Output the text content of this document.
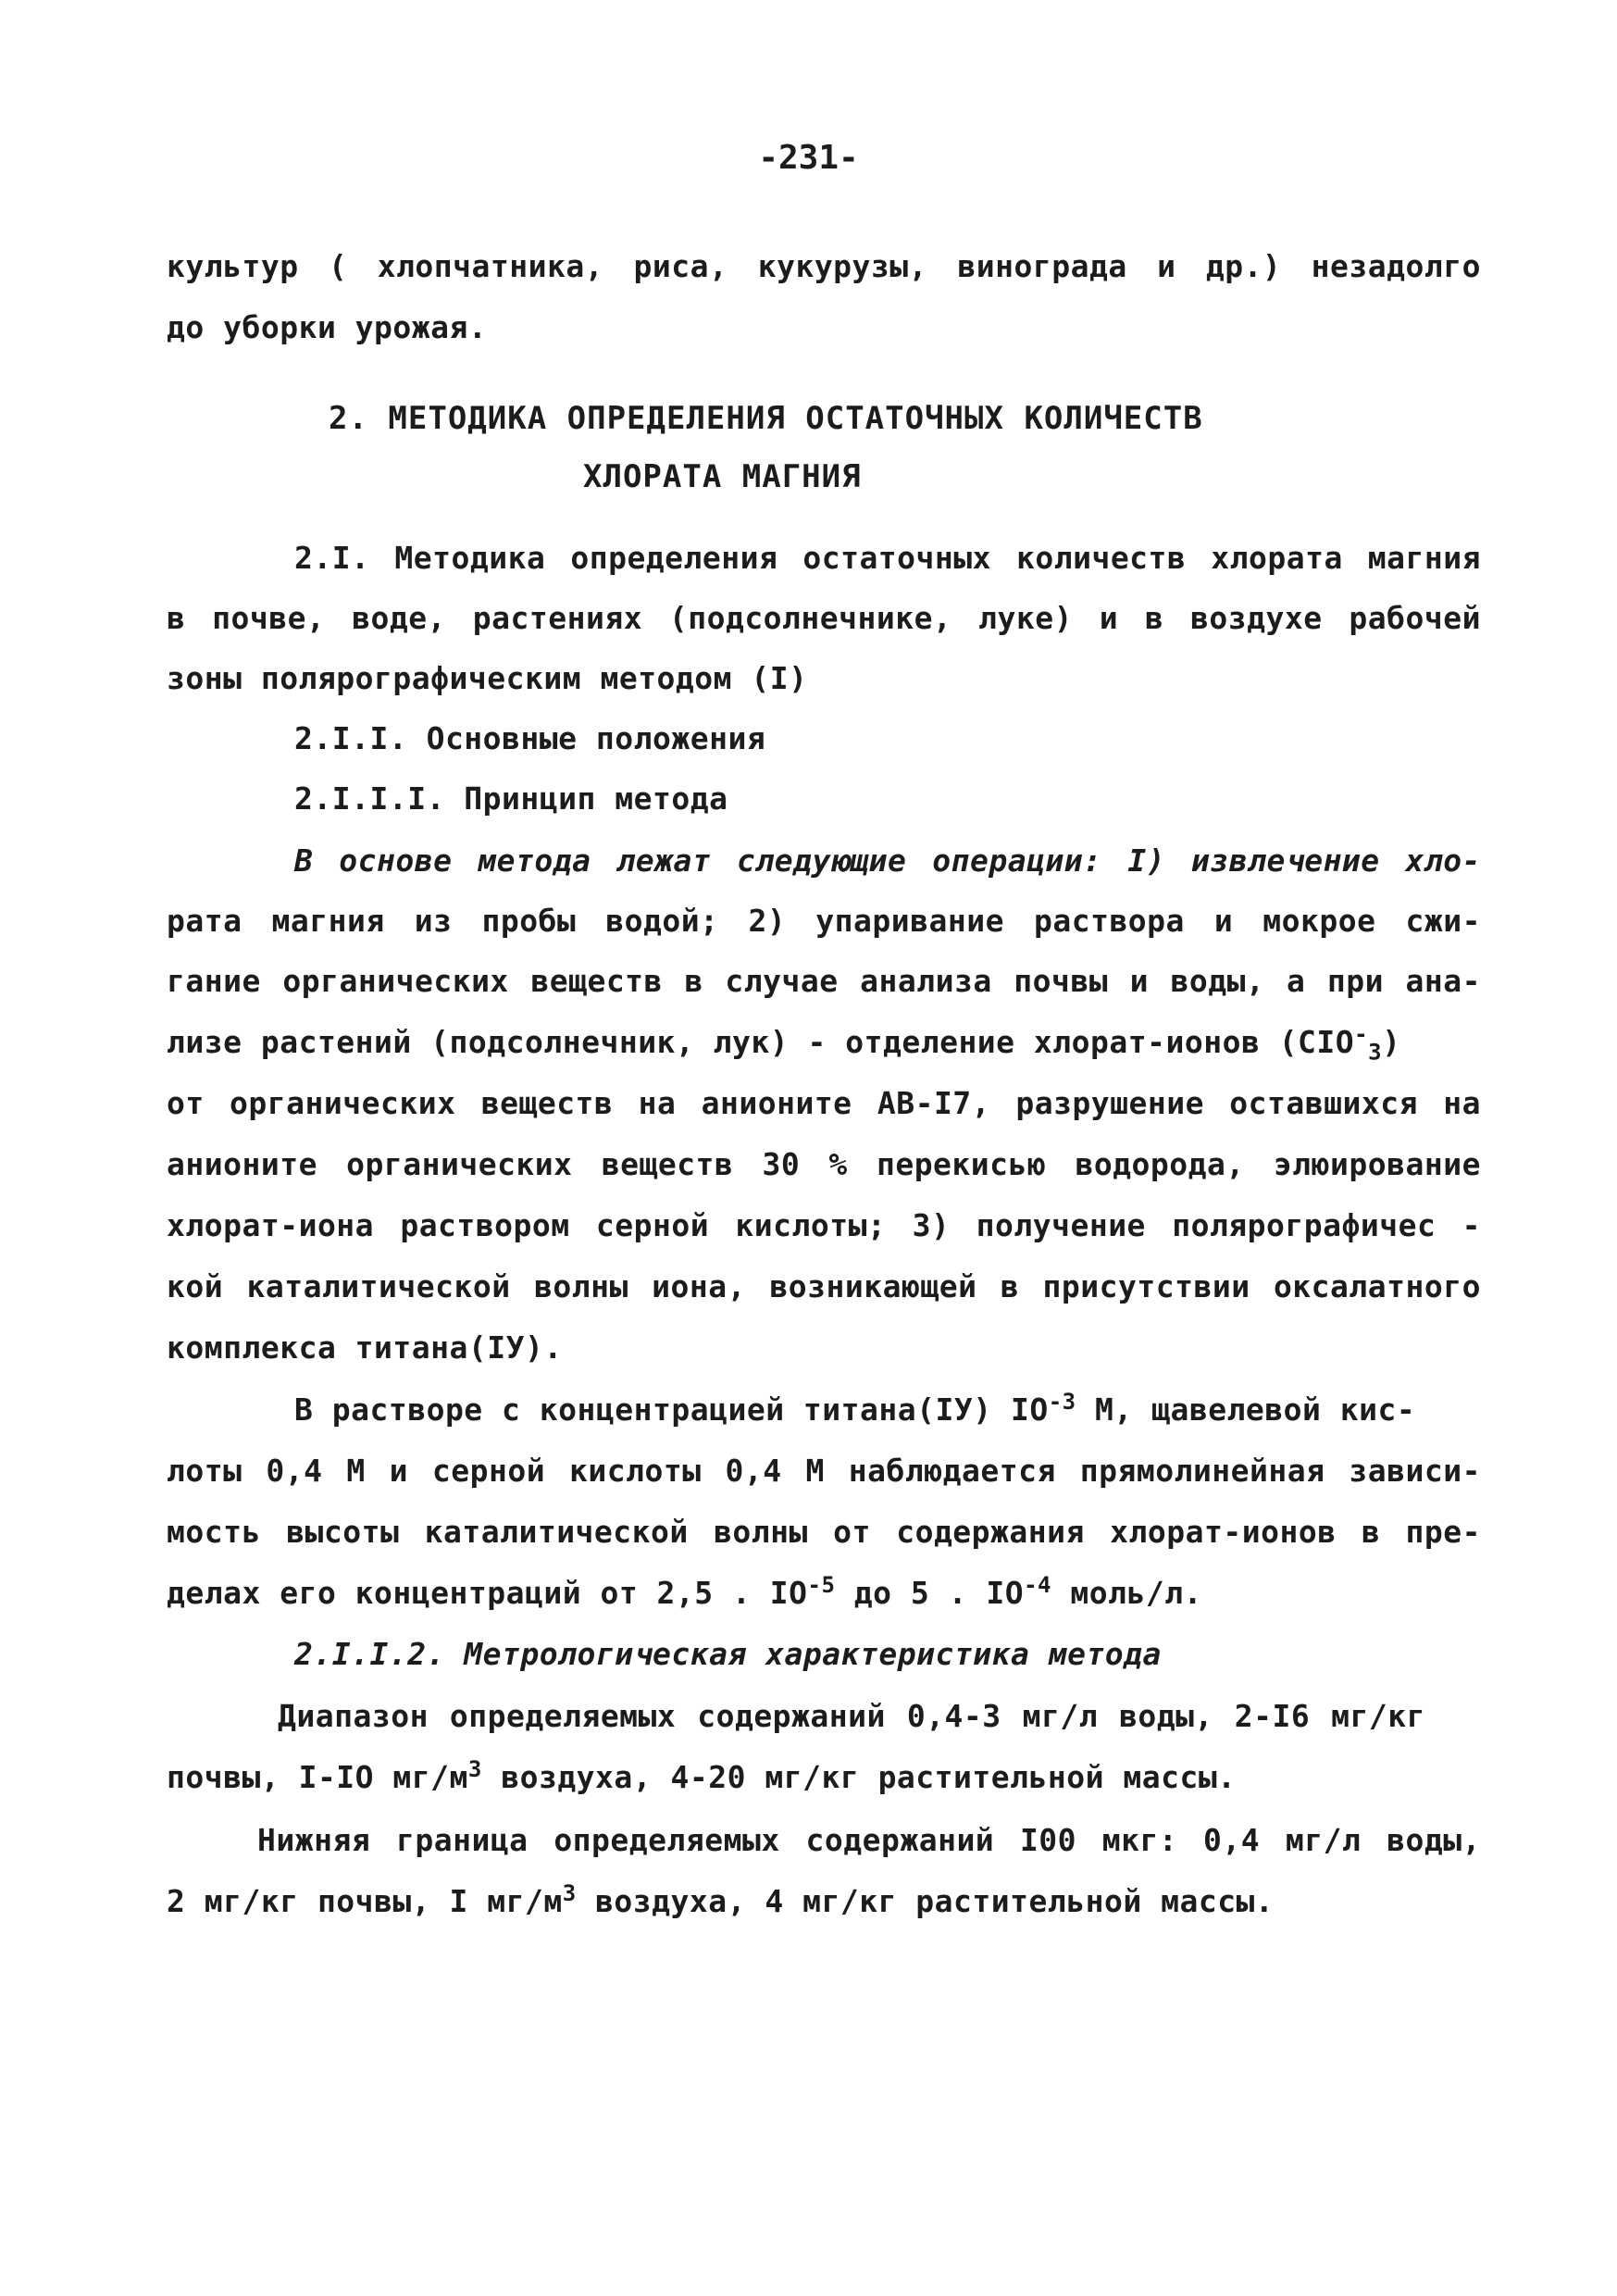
-231-
культур ( хлопчатника, риса, кукурузы, винограда и др.) незадолго
до уборки урожая.
2. МЕТОДИКА ОПРЕДЕЛЕНИЯ ОСТАТОЧНЫХ КОЛИЧЕСТВ
ХЛОРАТА МАГНИЯ
2.I. Методика определения остаточных количеств хлората магния
в почве, воде, растениях (подсолнечнике, луке) и в воздухе рабочей
зоны полярографическим методом (I)
2.I.I. Основные положения
2.I.I.I. Принцип метода
В основе метода лежат следующие операции: I) извлечение хло-
рата магния из пробы водой; 2) упаривание раствора и мокрое сжи-
гание органических веществ в случае анализа почвы и воды, а при ана-
лизе растений (подсолнечник, лук) - отделение хлорат-ионов $(CIO^-_3)$
от органических веществ на анионите АВ-I7, разрушение оставшихся на
анионите органических веществ 30 % перекисью водорода, элюирование
хлорат-иона раствором серной кислоты; 3) получение полярографичес -
кой каталитической волны иона, возникающей в присутствии оксалатного
комплекса титана(IУ).
В растворе с концентрацией титана(IУ) $IO^{-3}$ M, щавелевой кис-
лоты 0,4 M и серной кислоты 0,4 M наблюдается прямолинейная зависи-
мость высоты каталитической волны от содержания хлорат-ионов в пре-
делах его концентраций от 2,5 . $IO^{-5}$ до 5 . $IO^{-4}$ моль/л.
2.I.I.2. Метрологическая характеристика метода
Диапазон определяемых содержаний 0,4-3 мг/л воды, 2-I6 мг/кг
почвы, I-IO $мг/м^3$ воздуха, 4-20 мг/кг растительной массы.
Нижняя граница определяемых содержаний I00 мкг: 0,4 мг/л воды,
2 мг/кг почвы, I $мг/м^3$ воздуха, 4 мг/кг растительной массы.
